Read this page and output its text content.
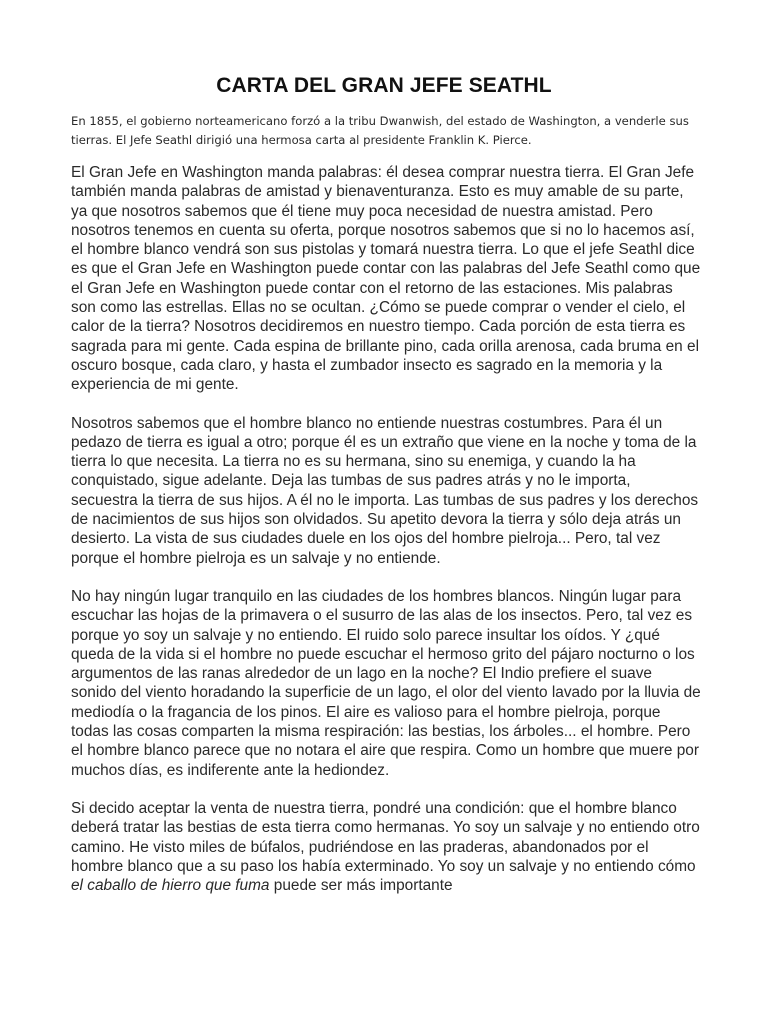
CARTA DEL GRAN JEFE SEATHL

En 1855, el gobierno norteamericano forzó a la tribu Dwanwish, del estado de Washington, a venderle sus tierras. El Jefe Seathl dirigió una hermosa carta al presidente Franklin K. Pierce.

El Gran Jefe en Washington manda palabras: él desea comprar nuestra tierra. El Gran Jefe también manda palabras de amistad y bienaventuranza. Esto es muy amable de su parte, ya que nosotros sabemos que él tiene muy poca necesidad de nuestra amistad. Pero nosotros tenemos en cuenta su oferta, porque nosotros sabemos que si no lo hacemos así, el hombre blanco vendrá son sus pistolas y tomará nuestra tierra. Lo que el jefe Seathl dice es que el Gran Jefe en Washington puede contar con las palabras del Jefe Seathl como que el Gran Jefe en Washington puede contar con el retorno de las estaciones. Mis palabras son como las estrellas. Ellas no se ocultan. ¿Cómo se puede comprar o vender el cielo, el calor de la tierra? Nosotros decidiremos en nuestro tiempo. Cada porción de esta tierra es sagrada para mi gente. Cada espina de brillante pino, cada orilla arenosa, cada bruma en el oscuro bosque, cada claro, y hasta el zumbador insecto es sagrado en la memoria y la experiencia de mi gente.

Nosotros sabemos que el hombre blanco no entiende nuestras costumbres. Para él un pedazo de tierra es igual a otro; porque él es un extraño que viene en la noche y toma de la tierra lo que necesita. La tierra no es su hermana, sino su enemiga, y cuando la ha conquistado, sigue adelante. Deja las tumbas de sus padres atrás y no le importa, secuestra la tierra de sus hijos. A él no le importa. Las tumbas de sus padres y los derechos de nacimientos de sus hijos son olvidados. Su apetito devora la tierra y sólo deja atrás un desierto. La vista de sus ciudades duele en los ojos del hombre pielroja... Pero, tal vez porque el hombre pielroja es un salvaje y no entiende.

No hay ningún lugar tranquilo en las ciudades de los hombres blancos. Ningún lugar para escuchar las hojas de la primavera o el susurro de las alas de los insectos. Pero, tal vez es porque yo soy un salvaje y no entiendo. El ruido solo parece insultar los oídos. Y ¿qué queda de la vida si el hombre no puede escuchar el hermoso grito del pájaro nocturno o los argumentos de las ranas alrededor de un lago en la noche? El Indio prefiere el suave sonido del viento horadando la superficie de un lago, el olor del viento lavado por la lluvia de mediodía o la fragancia de los pinos. El aire es valioso para el hombre pielroja, porque todas las cosas comparten la misma respiración: las bestias, los árboles... el hombre. Pero el hombre blanco parece que no notara el aire que respira. Como un hombre que muere por muchos días, es indiferente ante la hediondez.

Si decido aceptar la venta de nuestra tierra, pondré una condición: que el hombre blanco deberá tratar las bestias de esta tierra como hermanas. Yo soy un salvaje y no entiendo otro camino. He visto miles de búfalos, pudriéndose en las praderas, abandonados por el hombre blanco que a su paso los había exterminado. Yo soy un salvaje y no entiendo cómo el caballo de hierro que fuma puede ser más importante
